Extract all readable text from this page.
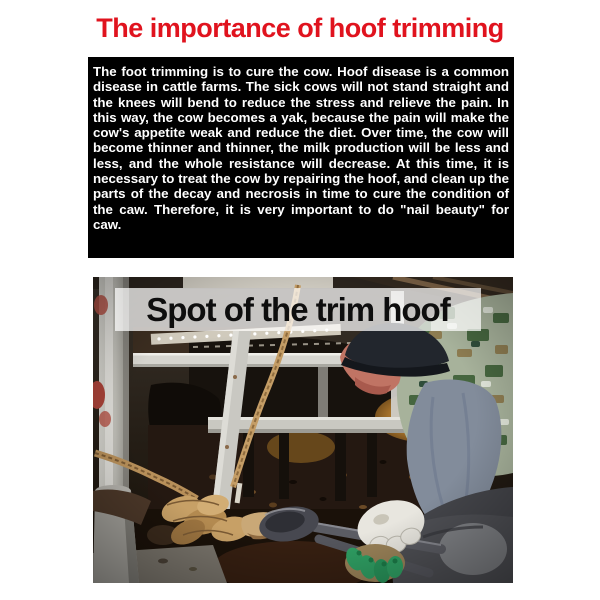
The importance of hoof trimming

The foot trimming is to cure the cow. Hoof disease is a common disease in cattle farms. The sick cows will not stand straight and the knees will bend to reduce the stress and relieve the pain. In this way, the cow becomes a yak, because the pain will make the cow's appetite weak and reduce the diet. Over time, the cow will become thinner and thinner, the milk production will be less and less, and the whole resistance will decrease. At this time, it is necessary to treat the cow by repairing the hoof, and clean up the parts of the decay and necrosis in time to cure the condition of the caw. Therefore, it is very important to do "nail beauty" for caw.

Spot of the trim hoof
